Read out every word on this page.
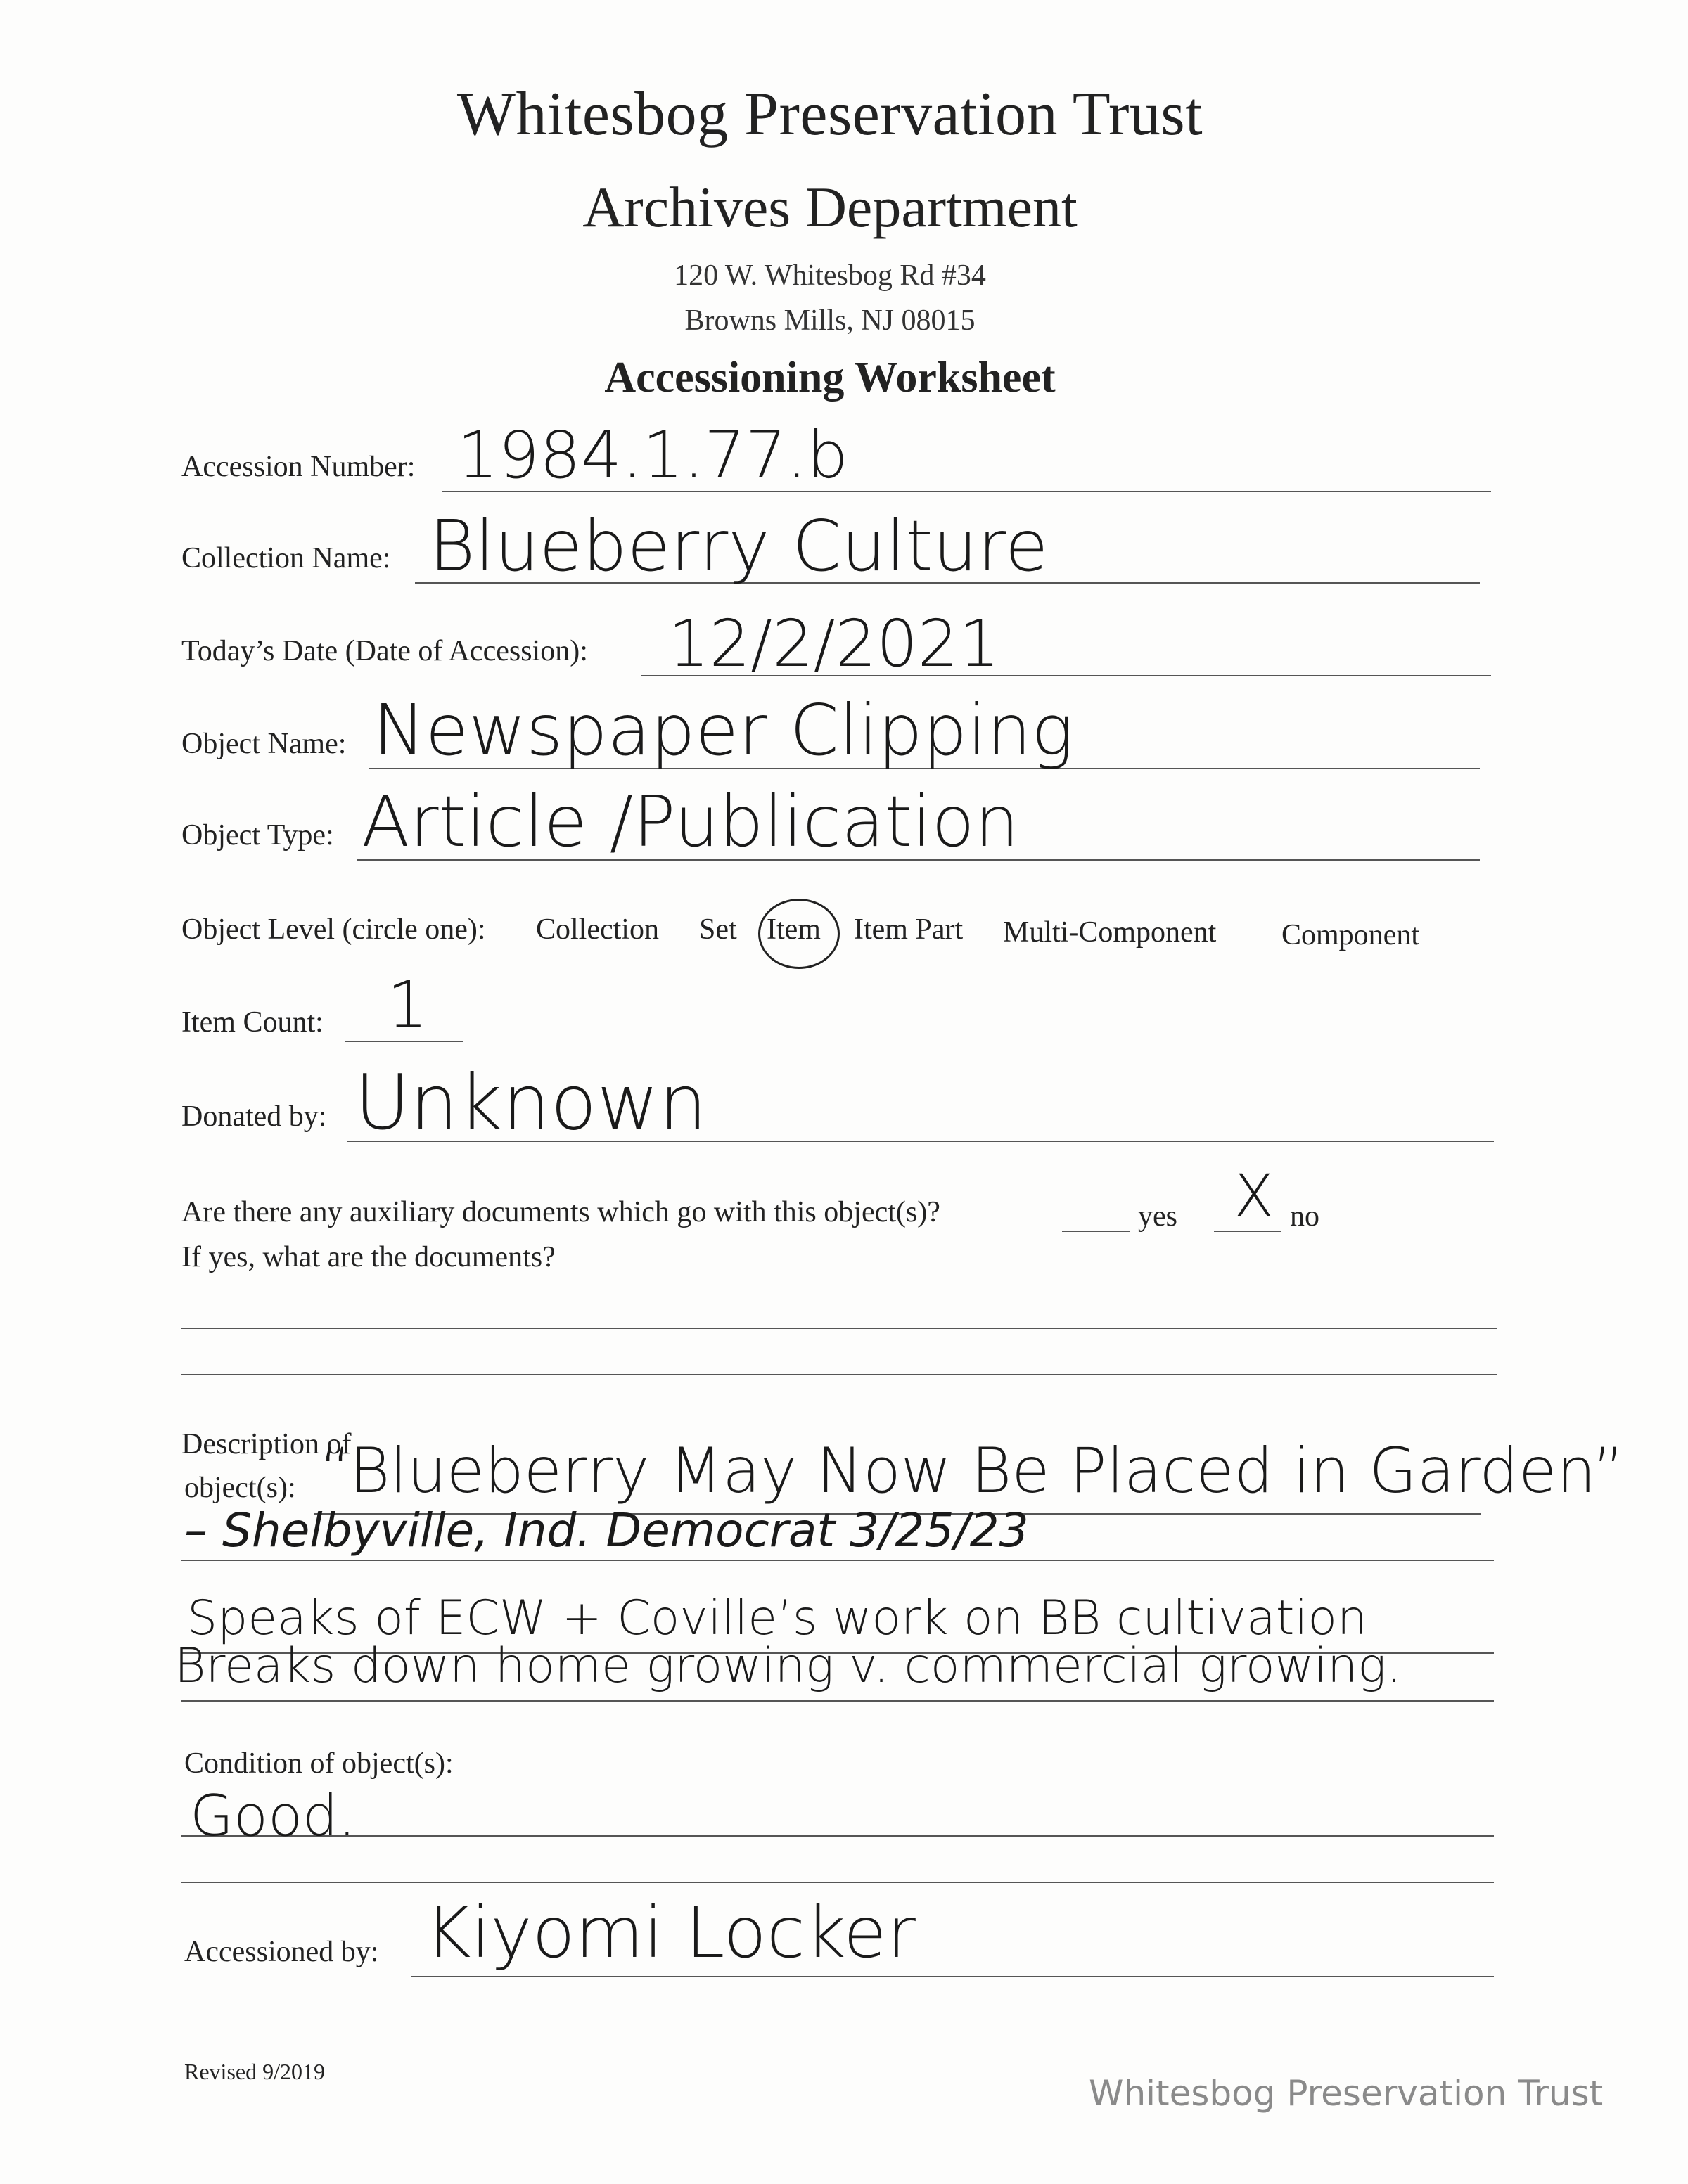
Whitesbog Preservation Trust
Archives Department
120 W. Whitesbog Rd #34
Browns Mills, NJ 08015
Accessioning Worksheet
Accession Number: 1984.1.77.b
Collection Name: Blueberry Culture
Today’s Date (Date of Accession): 12/2/2021
Object Name: Newspaper Clipping
Object Type: Article /Publication
Object Level (circle one): Collection Set Item Item Part Multi-Component Component
Item Count: 1
Donated by: Unknown
Are there any auxiliary documents which go with this object(s)?	yes X no
If yes, what are the documents?
Description of
object(s): “Blueberry May Now Be Placed in Garden”
– Shelbyville, Ind. Democrat 3/25/23
Speaks of ECW + Coville’s work on BB cultivation
Breaks down home growing v. commercial growing.
Condition of object(s):
Good.
Accessioned by: Kiyomi Locker
Revised 9/2019
Whitesbog Preservation Trust
